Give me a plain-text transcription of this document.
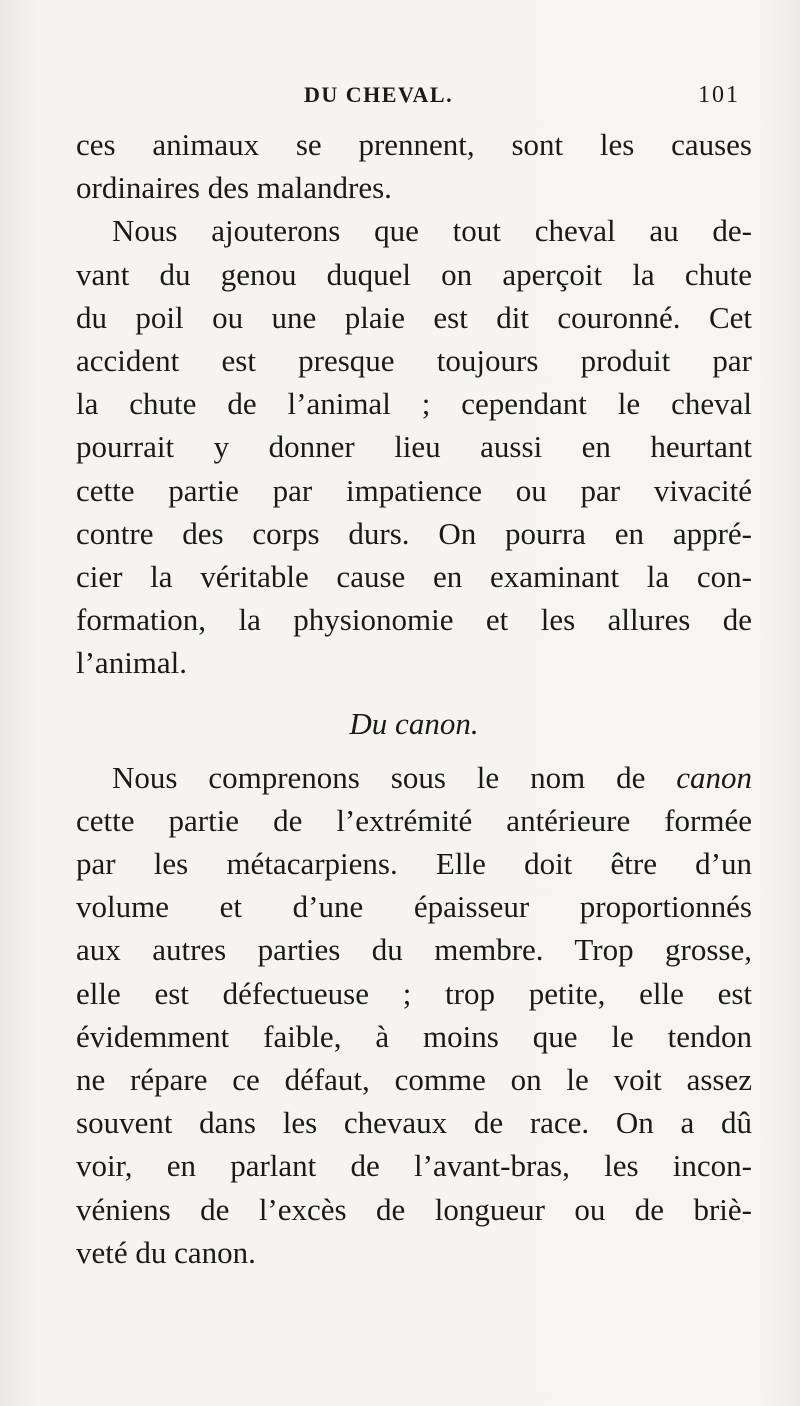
DU CHEVAL.	101
ces animaux se prennent, sont les causes
ordinaires des malandres.
Nous ajouterons que tout cheval au de-
vant du genou duquel on aperçoit la chute
du poil ou une plaie est dit couronné. Cet
accident est presque toujours produit par
la chute de l’animal ; cependant le cheval
pourrait y donner lieu aussi en heurtant
cette partie par impatience ou par vivacité
contre des corps durs. On pourra en appré-
cier la véritable cause en examinant la con-
formation, la physionomie et les allures de
l’animal.
Du canon.
Nous comprenons sous le nom de canon
cette partie de l’extrémité antérieure formée
par les métacarpiens. Elle doit être d’un
volume et d’une épaisseur proportionnés
aux autres parties du membre. Trop grosse,
elle est défectueuse ; trop petite, elle est
évidemment faible, à moins que le tendon
ne répare ce défaut, comme on le voit assez
souvent dans les chevaux de race. On a dû
voir, en parlant de l’avant-bras, les incon-
véniens de l’excès de longueur ou de briè-
veté du canon.
